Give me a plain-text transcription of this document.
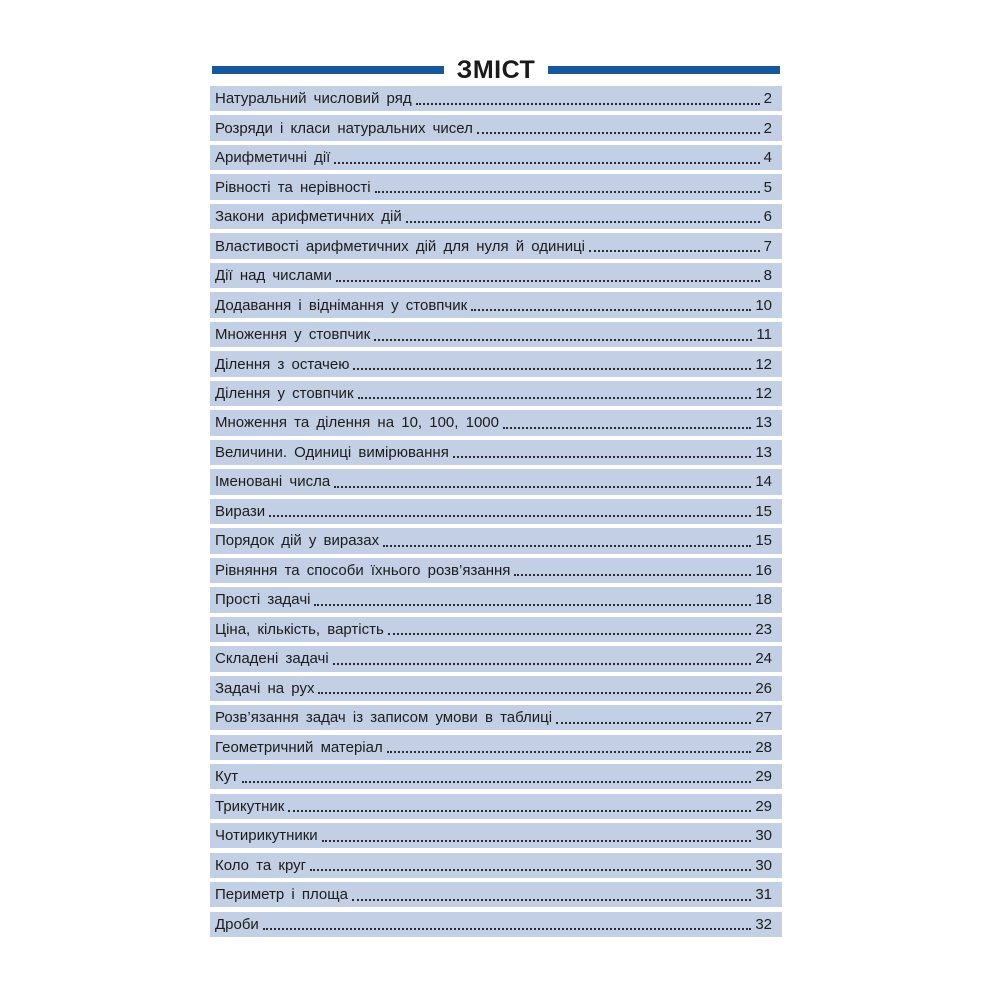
ЗМІСТ
Натуральний числовий ряд	2
Розряди і класи натуральних чисел	2
Арифметичні дії	4
Рівності та нерівності	5
Закони арифметичних дій	6
Властивості арифметичних дій для нуля й одиниці	7
Дії над числами	8
Додавання і віднімання у стовпчик	10
Множення у стовпчик	11
Ділення з остачею	12
Ділення у стовпчик	12
Множення та ділення на 10, 100, 1000	13
Величини. Одиниці вимірювання	13
Іменовані числа	14
Вирази	15
Порядок дій у виразах	15
Рівняння та способи їхнього розв’язання	16
Прості задачі	18
Ціна, кількість, вартість	23
Складені задачі	24
Задачі на рух	26
Розв’язання задач із записом умови в таблиці	27
Геометричний матеріал	28
Кут	29
Трикутник	29
Чотирикутники	30
Коло та круг	30
Периметр і площа	31
Дроби	32
